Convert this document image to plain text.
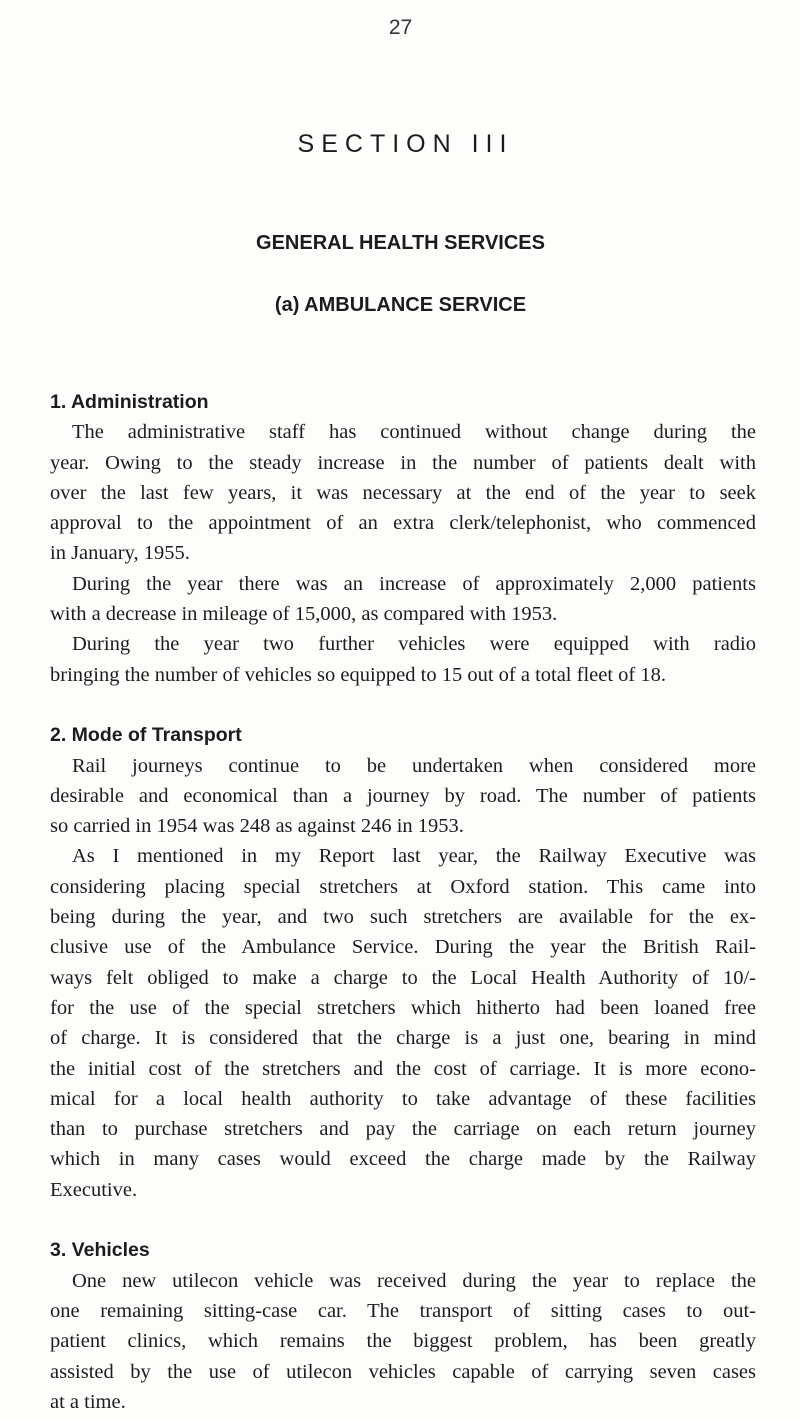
27
SECTION III
GENERAL HEALTH SERVICES
(a) AMBULANCE SERVICE
1. Administration
The administrative staff has continued without change during the
year. Owing to the steady increase in the number of patients dealt with
over the last few years, it was necessary at the end of the year to seek
approval to the appointment of an extra clerk/telephonist, who commenced
in January, 1955.
During the year there was an increase of approximately 2,000 patients
with a decrease in mileage of 15,000, as compared with 1953.
During the year two further vehicles were equipped with radio
bringing the number of vehicles so equipped to 15 out of a total fleet of 18.
2. Mode of Transport
Rail journeys continue to be undertaken when considered more
desirable and economical than a journey by road. The number of patients
so carried in 1954 was 248 as against 246 in 1953.
As I mentioned in my Report last year, the Railway Executive was
considering placing special stretchers at Oxford station. This came into
being during the year, and two such stretchers are available for the ex-
clusive use of the Ambulance Service. During the year the British Rail-
ways felt obliged to make a charge to the Local Health Authority of 10/-
for the use of the special stretchers which hitherto had been loaned free
of charge. It is considered that the charge is a just one, bearing in mind
the initial cost of the stretchers and the cost of carriage. It is more econo-
mical for a local health authority to take advantage of these facilities
than to purchase stretchers and pay the carriage on each return journey
which in many cases would exceed the charge made by the Railway
Executive.
3. Vehicles
One new utilecon vehicle was received during the year to replace the
one remaining sitting-case car. The transport of sitting cases to out-
patient clinics, which remains the biggest problem, has been greatly
assisted by the use of utilecon vehicles capable of carrying seven cases
at a time.
